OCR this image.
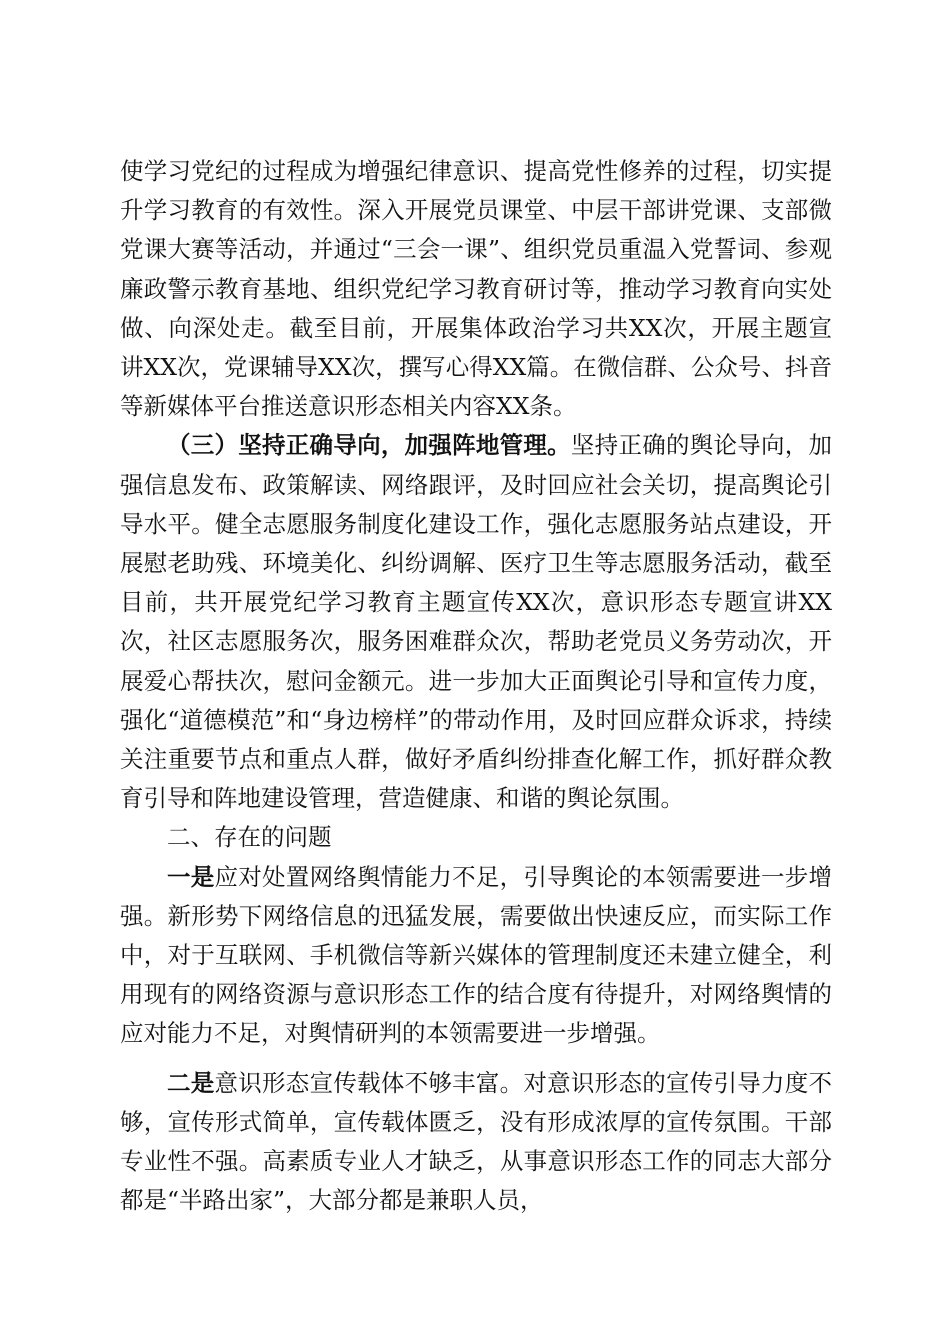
使学习党纪的过程成为增强纪律意识、提高党性修养的过程，切实提升学习教育的有效性。深入开展党员课堂、中层干部讲党课、支部微党课大赛等活动，并通过“三会一课”、组织党员重温入党誓词、参观廉政警示教育基地、组织党纪学习教育研讨等，推动学习教育向实处做、向深处走。截至目前，开展集体政治学习共XX次，开展主题宣讲XX次，党课辅导XX次，撰写心得XX篇。在微信群、公众号、抖音等新媒体平台推送意识形态相关内容XX条。

（三）坚持正确导向，加强阵地管理。坚持正确的舆论导向，加强信息发布、政策解读、网络跟评，及时回应社会关切，提高舆论引导水平。健全志愿服务制度化建设工作，强化志愿服务站点建设，开展慰老助残、环境美化、纠纷调解、医疗卫生等志愿服务活动，截至目前，共开展党纪学习教育主题宣传XX次，意识形态专题宣讲XX次，社区志愿服务次，服务困难群众次，帮助老党员义务劳动次，开展爱心帮扶次，慰问金额元。进一步加大正面舆论引导和宣传力度，强化“道德模范”和“身边榜样”的带动作用，及时回应群众诉求，持续关注重要节点和重点人群，做好矛盾纠纷排查化解工作，抓好群众教育引导和阵地建设管理，营造健康、和谐的舆论氛围。

二、存在的问题

一是应对处置网络舆情能力不足，引导舆论的本领需要进一步增强。新形势下网络信息的迅猛发展，需要做出快速反应，而实际工作中，对于互联网、手机微信等新兴媒体的管理制度还未建立健全，利用现有的网络资源与意识形态工作的结合度有待提升，对网络舆情的应对能力不足，对舆情研判的本领需要进一步增强。

二是意识形态宣传载体不够丰富。对意识形态的宣传引导力度不够，宣传形式简单，宣传载体匮乏，没有形成浓厚的宣传氛围。干部专业性不强。高素质专业人才缺乏，从事意识形态工作的同志大部分都是“半路出家”，大部分都是兼职人员，
